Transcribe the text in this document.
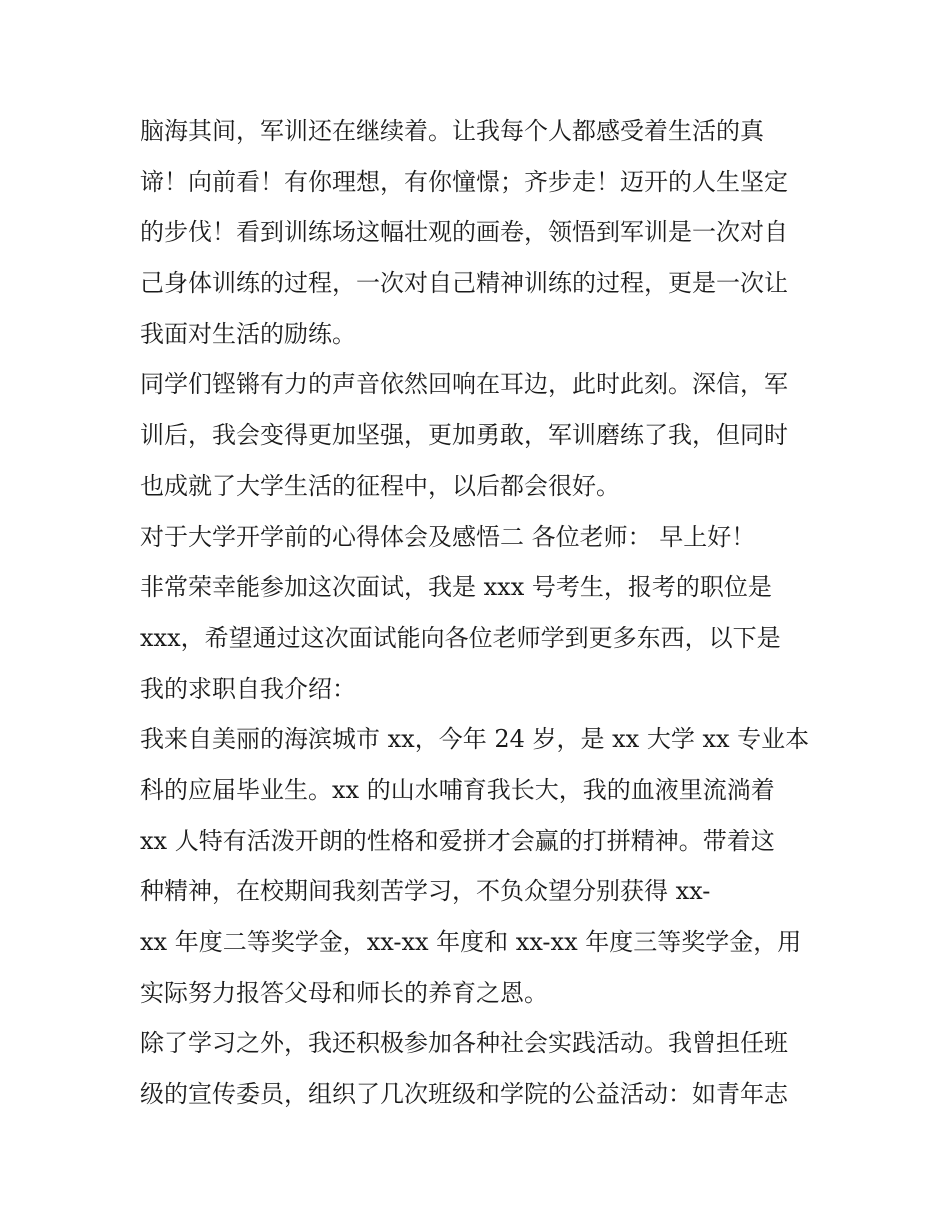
脑海其间，军训还在继续着。让我每个人都感受着生活的真
谛！向前看！有你理想，有你憧憬；齐步走！迈开的人生坚定
的步伐！看到训练场这幅壮观的画卷，领悟到军训是一次对自
己身体训练的过程，一次对自己精神训练的过程，更是一次让
我面对生活的励练。
同学们铿锵有力的声音依然回响在耳边，此时此刻。深信，军
训后，我会变得更加坚强，更加勇敢，军训磨练了我，但同时
也成就了大学生活的征程中，以后都会很好。
对于大学开学前的心得体会及感悟二 各位老师： 早上好！
非常荣幸能参加这次面试，我是 xxx 号考生，报考的职位是
xxx，希望通过这次面试能向各位老师学到更多东西，以下是
我的求职自我介绍：
我来自美丽的海滨城市 xx，今年 24 岁，是 xx 大学 xx 专业本
科的应届毕业生。xx 的山水哺育我长大，我的血液里流淌着
xx 人特有活泼开朗的性格和爱拼才会赢的打拼精神。带着这
种精神，在校期间我刻苦学习，不负众望分别获得 xx-
xx 年度二等奖学金，xx-xx 年度和 xx-xx 年度三等奖学金，用
实际努力报答父母和师长的养育之恩。
除了学习之外，我还积极参加各种社会实践活动。我曾担任班
级的宣传委员，组织了几次班级和学院的公益活动：如青年志
